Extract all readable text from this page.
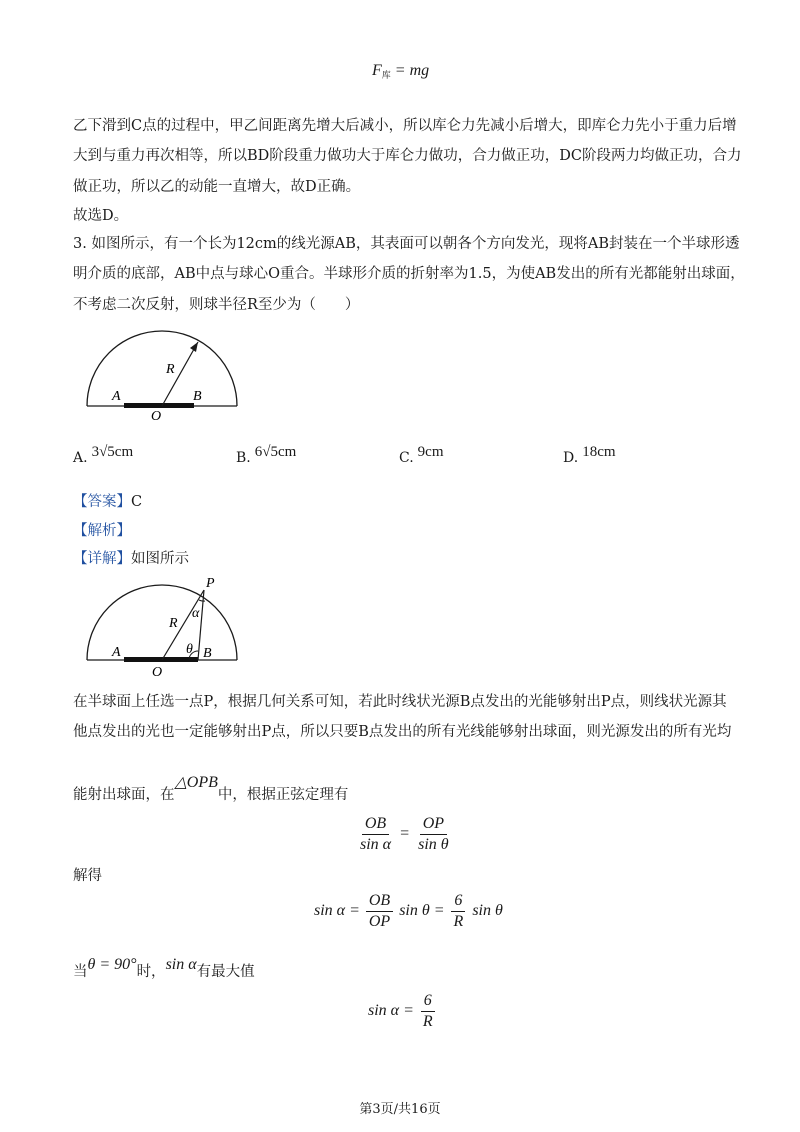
$F_库$ = mg
乙下滑到C点的过程中，甲乙间距离先增大后减小，所以库仑力先减小后增大，即库仑力先小于重力后增
大到与重力再次相等，所以BD阶段重力做功大于库仑力做功，合力做正功，DC阶段两力均做正功，合力
做正功，所以乙的动能一直增大，故D正确。
故选D。
3. 如图所示，有一个长为12cm的线光源AB，其表面可以朝各个方向发光，现将AB封装在一个半球形透
明介质的底部，AB中点与球心O重合。半球形介质的折射率为1.5，为使AB发出的所有光都能射出球面，
不考虑二次反射，则球半径R至少为（　　）
A	B
O
R
A. 3√5cm	B. 6√5cm	C. 9cm	D. 18cm
【答案】C
【解析】
【详解】如图所示
A	B
O
R
P
α
θ
在半球面上任选一点P，根据几何关系可知，若此时线状光源B点发出的光能够射出P点，则线状光源其
他点发出的光也一定能够射出P点，所以只要B点发出的所有光线能够射出球面，则光源发出的所有光均
能射出球面，在△OPB中，根据正弦定理有
$\frac{OB}{\text{sin α}} = \frac{OP}{\text{sin θ}}$
解得
$\sin \alpha = \frac{OB}{OP}$ $\sin \theta = \frac{6}{R}$ sin θ
当θ = 90°时，sin α有最大值
$\sin \alpha = \frac{6}{R}$
第3页/共16页
